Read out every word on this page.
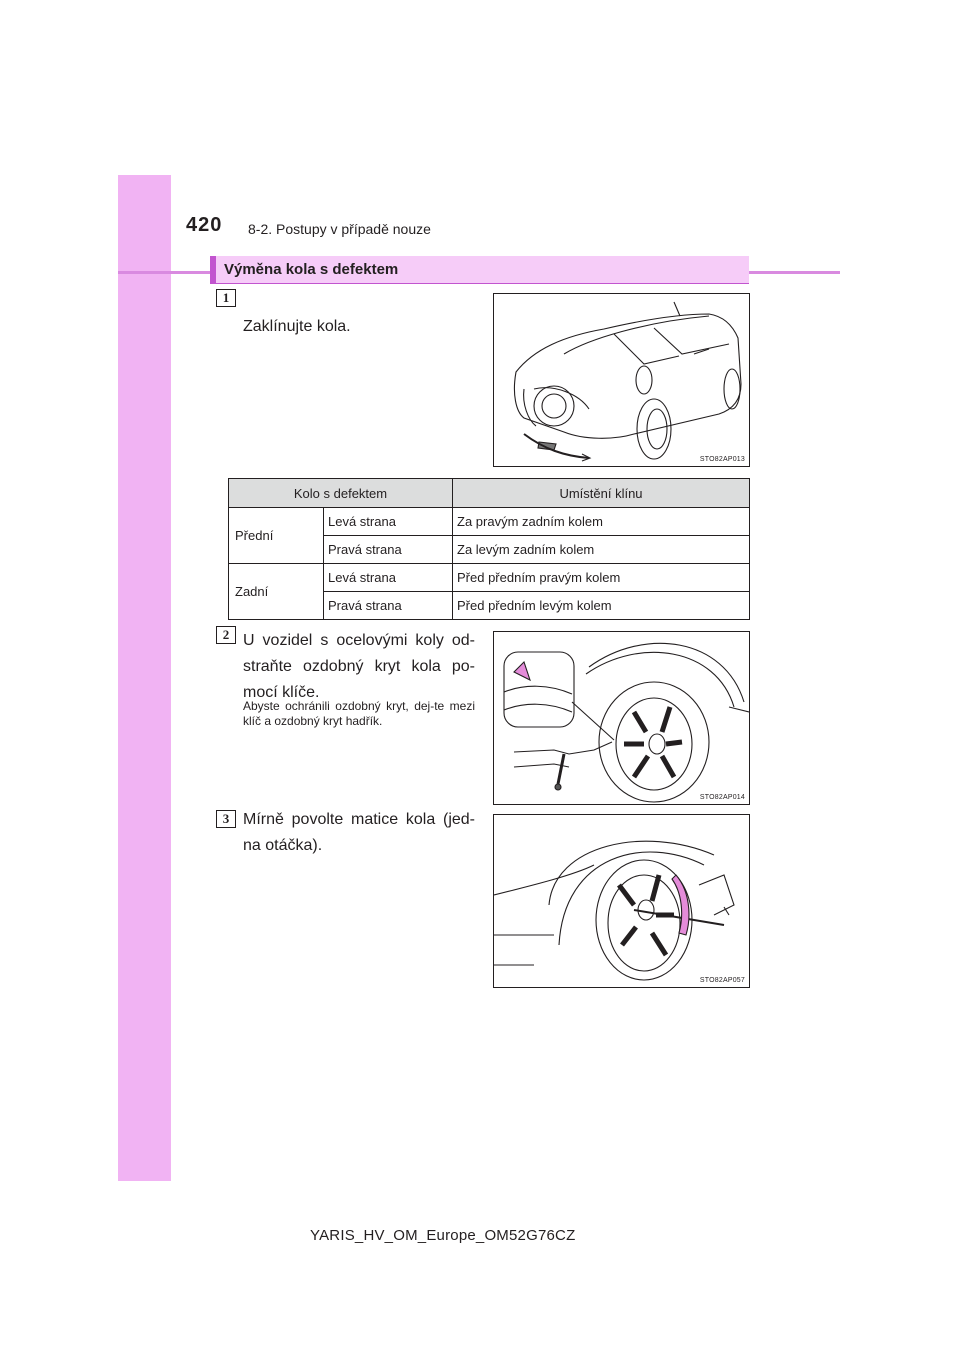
420 8-2. Postupy v případě nouze
Výměna kola s defektem
1
Zaklínujte kola.
STO82AP013
Kolo s defektem		Umístění klínu
Přední	Levá strana	Za pravým zadním kolem
	Pravá strana	Za levým zadním kolem
Zadní	Levá strana	Před předním pravým kolem
	Pravá strana	Před předním levým kolem
2 U vozidel s ocelovými koly od-straňte ozdobný kryt kola po-mocí klíče.
Abyste ochránili ozdobný kryt, dej-te mezi klíč a ozdobný kryt hadřík.
STO82AP014
3 Mírně povolte matice kola (jed-na otáčka).
STO82AP057
YARIS_HV_OM_Europe_OM52G76CZ
